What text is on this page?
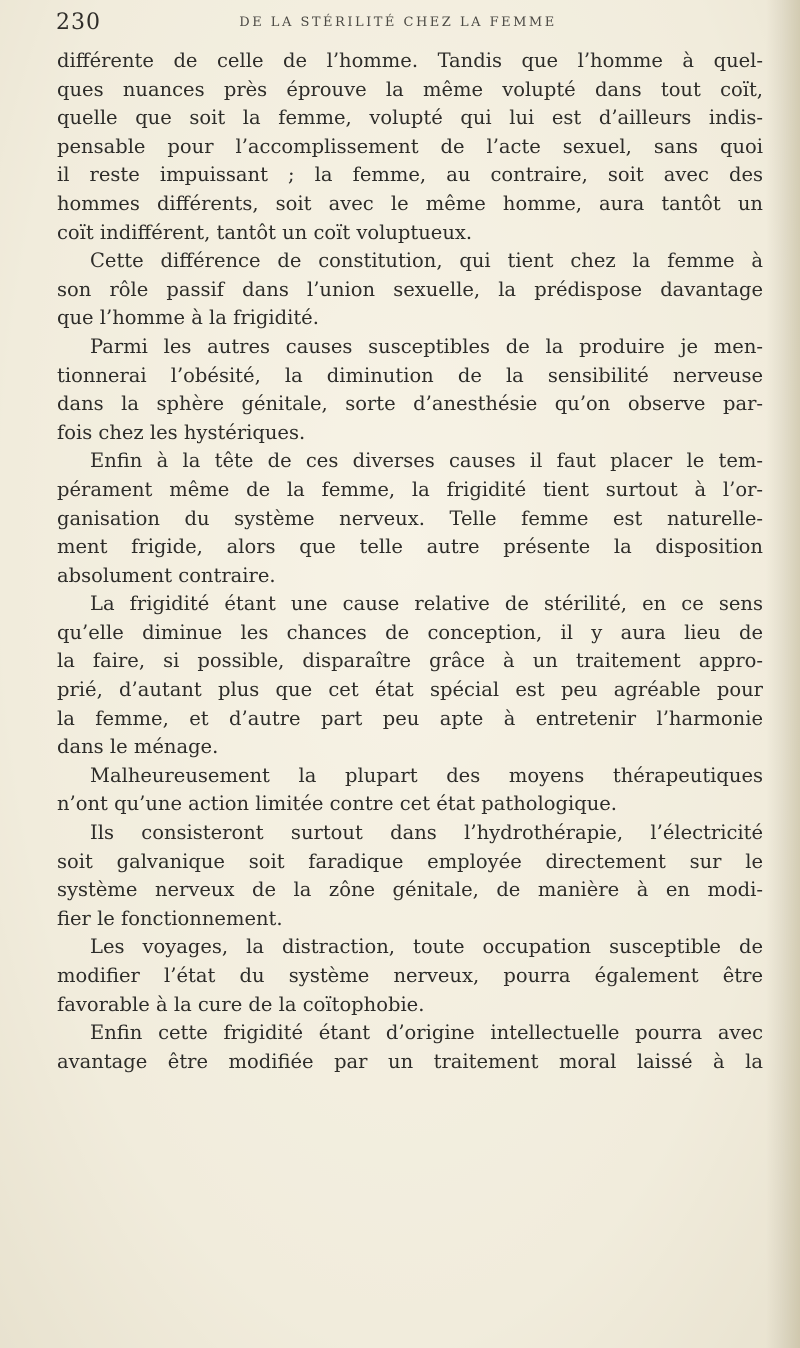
230	DE LA STÉRILITÉ CHEZ LA FEMME
différente de celle de l’homme. Tandis que l’homme à quel-
ques nuances près éprouve la même volupté dans tout coït,
quelle que soit la femme, volupté qui lui est d’ailleurs indis-
pensable pour l’accomplissement de l’acte sexuel, sans quoi
il reste impuissant ; la femme, au contraire, soit avec des
hommes différents, soit avec le même homme, aura tantôt un
coït indifférent, tantôt un coït voluptueux.
Cette différence de constitution, qui tient chez la femme à
son rôle passif dans l’union sexuelle, la prédispose davantage
que l’homme à la frigidité.
Parmi les autres causes susceptibles de la produire je men-
tionnerai l’obésité, la diminution de la sensibilité nerveuse
dans la sphère génitale, sorte d’anesthésie qu’on observe par-
fois chez les hystériques.
Enfin à la tête de ces diverses causes il faut placer le tem-
pérament même de la femme, la frigidité tient surtout à l’or-
ganisation du système nerveux. Telle femme est naturelle-
ment frigide, alors que telle autre présente la disposition
absolument contraire.
La frigidité étant une cause relative de stérilité, en ce sens
qu’elle diminue les chances de conception, il y aura lieu de
la faire, si possible, disparaître grâce à un traitement appro-
prié, d’autant plus que cet état spécial est peu agréable pour
la femme, et d’autre part peu apte à entretenir l’harmonie
dans le ménage.
Malheureusement la plupart des moyens thérapeutiques
n’ont qu’une action limitée contre cet état pathologique.
Ils consisteront surtout dans l’hydrothérapie, l’électricité
soit galvanique soit faradique employée directement sur le
système nerveux de la zône génitale, de manière à en modi-
fier le fonctionnement.
Les voyages, la distraction, toute occupation susceptible de
modifier l’état du système nerveux, pourra également être
favorable à la cure de la coïtophobie.
Enfin cette frigidité étant d’origine intellectuelle pourra avec
avantage être modifiée par un traitement moral laissé à la
